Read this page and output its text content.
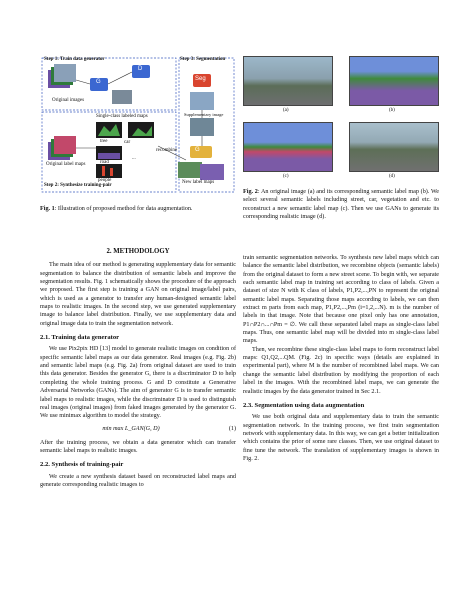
Step 1: Train data generator	Step 3: Segmentation
Step 2: Synthesize training-pair
G
D
Seg
G
Original images
Original label maps
Single-class labeled maps	Supplementary image
New label maps
car
tree
road
people
recombine
...
Fig. 1: Illustration of proposed method for data augmentation.
(a)	(b)
(c)	(d)
Fig. 2: An original image (a) and its corresponding semantic label map (b). We select several semantic labels including street, car, vegetation and etc. to reconstruct a new semantic label map (c). Then we use GANs to generate its corresponding realistic image (d).

2. METHODOLOGY

The main idea of our method is generating supplementary data for semantic segmentation to balance the distribution of semantic labels and improve the segmentation results. Fig. 1 schematically shows the procedure of the approach we proposed. The first step is training a GAN on original image/label pairs, which is used as a generator to transfer any human-designed semantic label maps to realistic images. In the second step, we use generated supplementary image to balance label distribution. Finally, we use supplementary data and original image data to train the segmentation network.

2.1. Training data generator

We use Pix2pix HD [13] model to generate realistic images on condition of specific semantic label maps as our data generator. Real images (e.g. Fig. 2b) and semantic label maps (e.g. Fig. 2a) from original dataset are used to train this data generator. Besides the generator G, there is a discriminator D to help completing the whole training process. G and D constitute a Generative Adversarial Networks (GANs). The aim of generator G is to transfer semantic label maps to realistic images, while the discriminator D is used to distinguish real images (original images) from faked images generated by the generator G. We use minimax algorithm to model the strategy.

min max L_GAN(G, D)	(1)

After the training process, we obtain a data generator which can transfer semantic label maps to realistic images.

2.2. Synthesis of training-pair

We create a new synthesis dataset based on reconstructed label maps and generate corresponding realistic images to

train semantic segmentation networks. To synthesis new label maps which can balance the semantic label distribution, we recombine objects (semantic labels) from the original dataset to form a new street scene. To begin with, we separate each semantic label map in training set according to class of labels. Given a dataset of size N with K class of labels, P1,P2,...,PN to represent the original semantic label maps. Separating those maps according to labels, we can then extract m parts from each map, P1,P2,...,Pm (i=1,2,...N). m is the number of labels in that image. Note that because one pixel only has one annotation, P1∩P2∩...∩Pm = ∅. We call these separated label maps as single-class label maps. Thus, one semantic label map will be divided into m single-class label maps.

Then, we recombine these single-class label maps to form reconstruct label maps: Q1,Q2,...QM. (Fig. 2c) in specific ways (details are explained in experimental part), where M is the number of recombined label maps. We can change the semantic label distribution by modifying the proportion of each label in the images. With the recombined label maps, we can generate the realistic images by the data generator trained in Sec 2.1.

2.3. Segmentation using data augmentation

We use both original data and supplementary data to train the semantic segmentation network. In the training process, we first train segmentation network with supplementary data. In this way, we can get a better initialization which contains the prior of some rare classes. Then, we use original dataset to fine tune the network. The translation of supplementary images is shown in Fig. 2.
